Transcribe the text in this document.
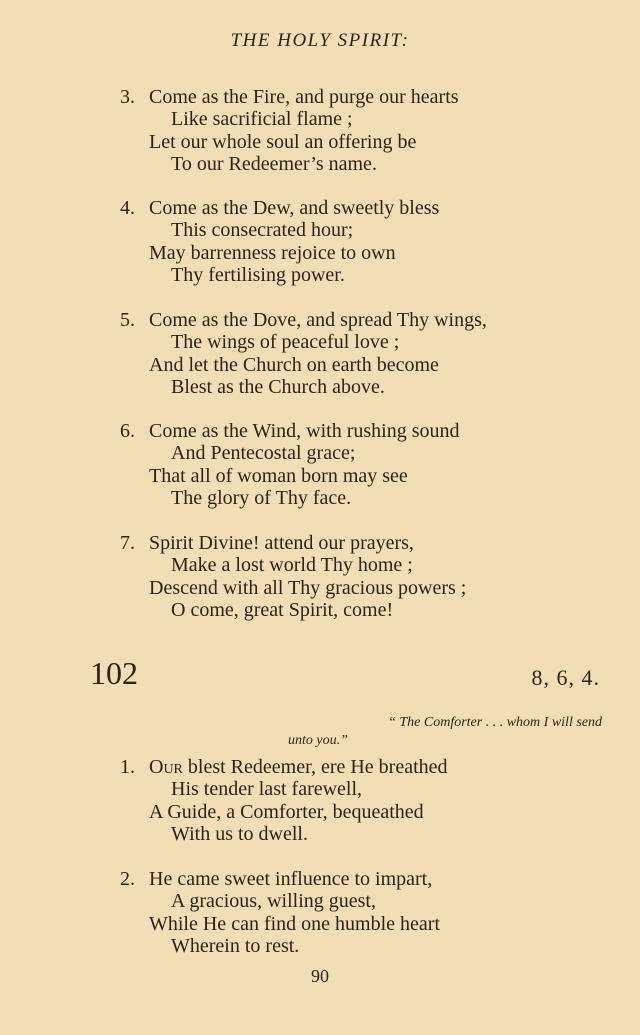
THE HOLY SPIRIT:
3. Come as the Fire, and purge our hearts
Like sacrificial flame ;
Let our whole soul an offering be
To our Redeemer’s name.
4. Come as the Dew, and sweetly bless
This consecrated hour;
May barrenness rejoice to own
Thy fertilising power.
5. Come as the Dove, and spread Thy wings,
The wings of peaceful love ;
And let the Church on earth become
Blest as the Church above.
6. Come as the Wind, with rushing sound
And Pentecostal grace;
That all of woman born may see
The glory of Thy face.
7. Spirit Divine! attend our prayers,
Make a lost world Thy home ;
Descend with all Thy gracious powers ;
O come, great Spirit, come!
102	8, 6, 4.
“ The Comforter . . . whom I will send
unto you.”
1. Our blest Redeemer, ere He breathed
His tender last farewell,
A Guide, a Comforter, bequeathed
With us to dwell.
2. He came sweet influence to impart,
A gracious, willing guest,
While He can find one humble heart
Wherein to rest.
90
